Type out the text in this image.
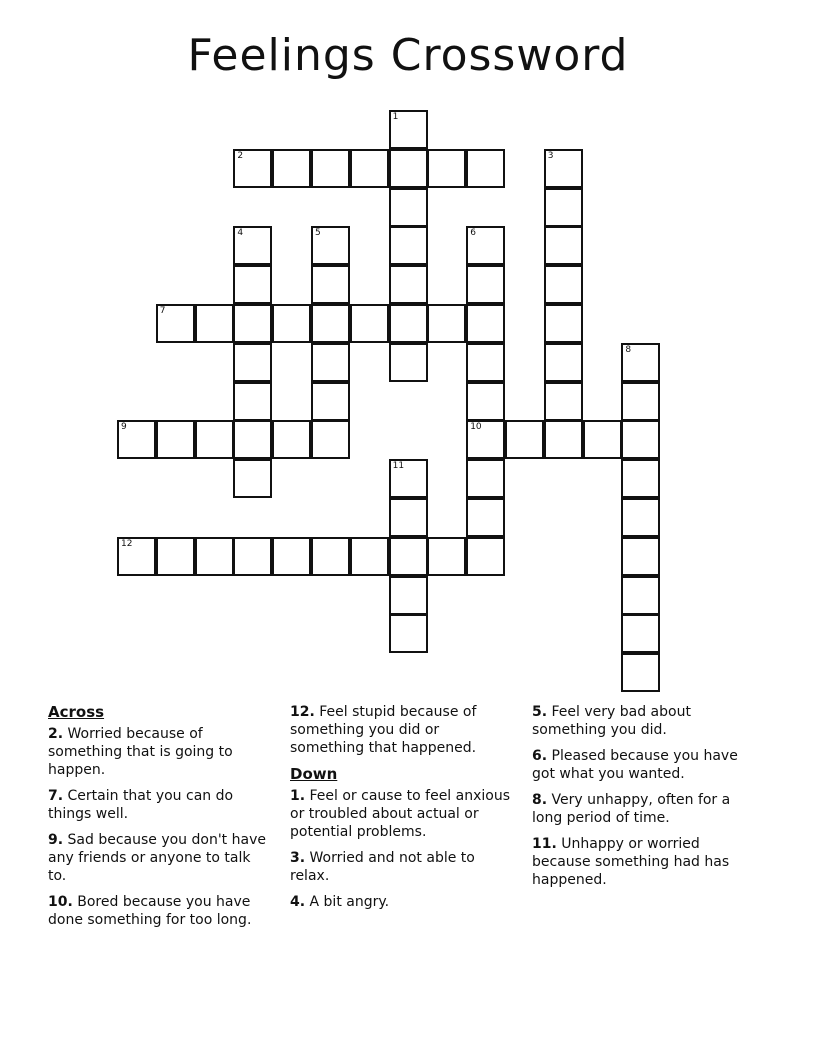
Feelings Crossword
2
7
9	10
12
1
3
4	5	6
8
11
Across
2. Worried because of something that is going to happen.
7. Certain that you can do things well.
9. Sad because you don't have any friends or anyone to talk to.
10. Bored because you have done something for too long.
12. Feel stupid because of something you did or something that happened.
Down
1. Feel or cause to feel anxious or troubled about actual or potential problems.
3. Worried and not able to relax.
4. A bit angry.
5. Feel very bad about something you did.
6. Pleased because you have got what you wanted.
8. Very unhappy, often for a long period of time.
11. Unhappy or worried because something had has happened.
